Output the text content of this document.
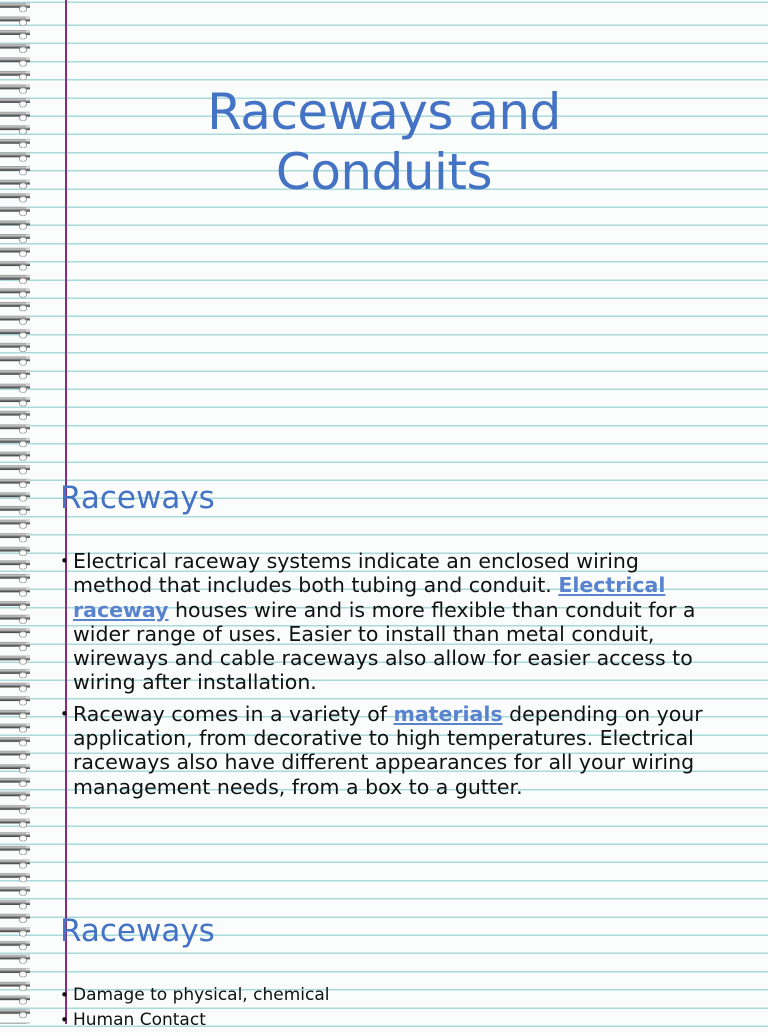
Raceways and
Conduits
Raceways
• Electrical raceway systems indicate an enclosed wiring method that includes both tubing and conduit. Electrical raceway houses wire and is more flexible than conduit for a wider range of uses. Easier to install than metal conduit, wireways and cable raceways also allow for easier access to wiring after installation.
• Raceway comes in a variety of materials depending on your application, from decorative to high temperatures. Electrical raceways also have different appearances for all your wiring management needs, from a box to a gutter.
Raceways
• Damage to physical, chemical
• Human Contact
